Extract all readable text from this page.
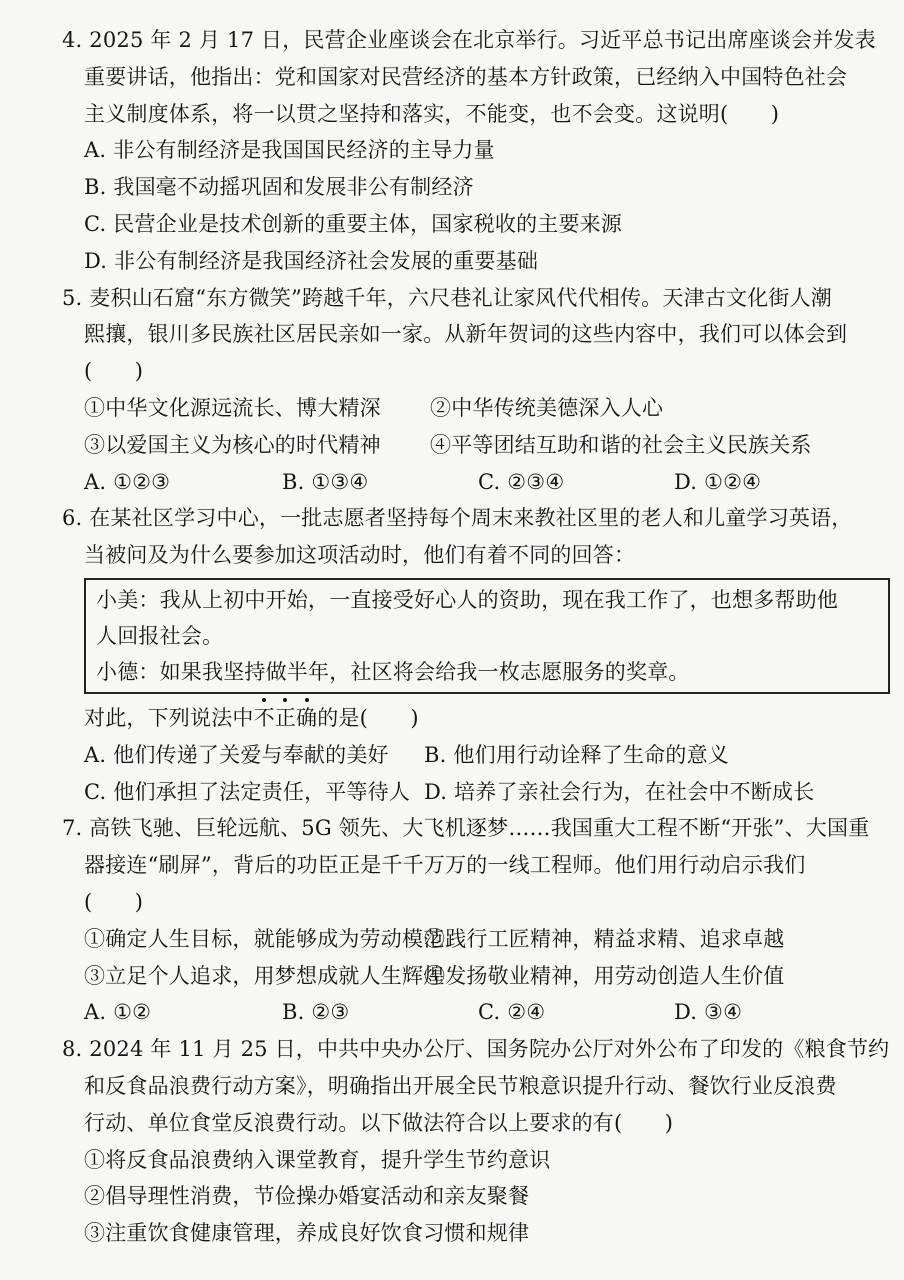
4. 2025 年 2 月 17 日，民营企业座谈会在北京举行。习近平总书记出席座谈会并发表
重要讲话，他指出：党和国家对民营经济的基本方针政策，已经纳入中国特色社会
主义制度体系，将一以贯之坚持和落实，不能变，也不会变。这说明(　　)
A. 非公有制经济是我国国民经济的主导力量
B. 我国毫不动摇巩固和发展非公有制经济
C. 民营企业是技术创新的重要主体，国家税收的主要来源
D. 非公有制经济是我国经济社会发展的重要基础
5. 麦积山石窟“东方微笑”跨越千年，六尺巷礼让家风代代相传。天津古文化街人潮
熙攘，银川多民族社区居民亲如一家。从新年贺词的这些内容中，我们可以体会到
(　　)
①中华文化源远流长、博大精深	②中华传统美德深入人心
③以爱国主义为核心的时代精神	④平等团结互助和谐的社会主义民族关系
A. ①②③	B. ①③④	C. ②③④	D. ①②④
6. 在某社区学习中心，一批志愿者坚持每个周末来教社区里的老人和儿童学习英语，
当被问及为什么要参加这项活动时，他们有着不同的回答：
小美：我从上初中开始，一直接受好心人的资助，现在我工作了，也想多帮助他
人回报社会。
小德：如果我坚持做半年，社区将会给我一枚志愿服务的奖章。
对此，下列说法中不正确的是(　　)
A. 他们传递了关爱与奉献的美好	B. 他们用行动诠释了生命的意义
C. 他们承担了法定责任，平等待人 D. 培养了亲社会行为，在社会中不断成长
7. 高铁飞驰、巨轮远航、5G 领先、大飞机逐梦……我国重大工程不断“开张”、大国重
器接连“刷屏”，背后的功臣正是千千万万的一线工程师。他们用行动启示我们
(　　)
①确定人生目标，就能够成为劳动模范
②践行工匠精神，精益求精、追求卓越
③立足个人追求，用梦想成就人生辉煌
④发扬敬业精神，用劳动创造人生价值
A. ①②	B. ②③	C. ②④	D. ③④
8. 2024 年 11 月 25 日，中共中央办公厅、国务院办公厅对外公布了印发的《粮食节约
和反食品浪费行动方案》，明确指出开展全民节粮意识提升行动、餐饮行业反浪费
行动、单位食堂反浪费行动。以下做法符合以上要求的有(　　)
①将反食品浪费纳入课堂教育，提升学生节约意识
②倡导理性消费，节俭操办婚宴活动和亲友聚餐
③注重饮食健康管理，养成良好饮食习惯和规律
